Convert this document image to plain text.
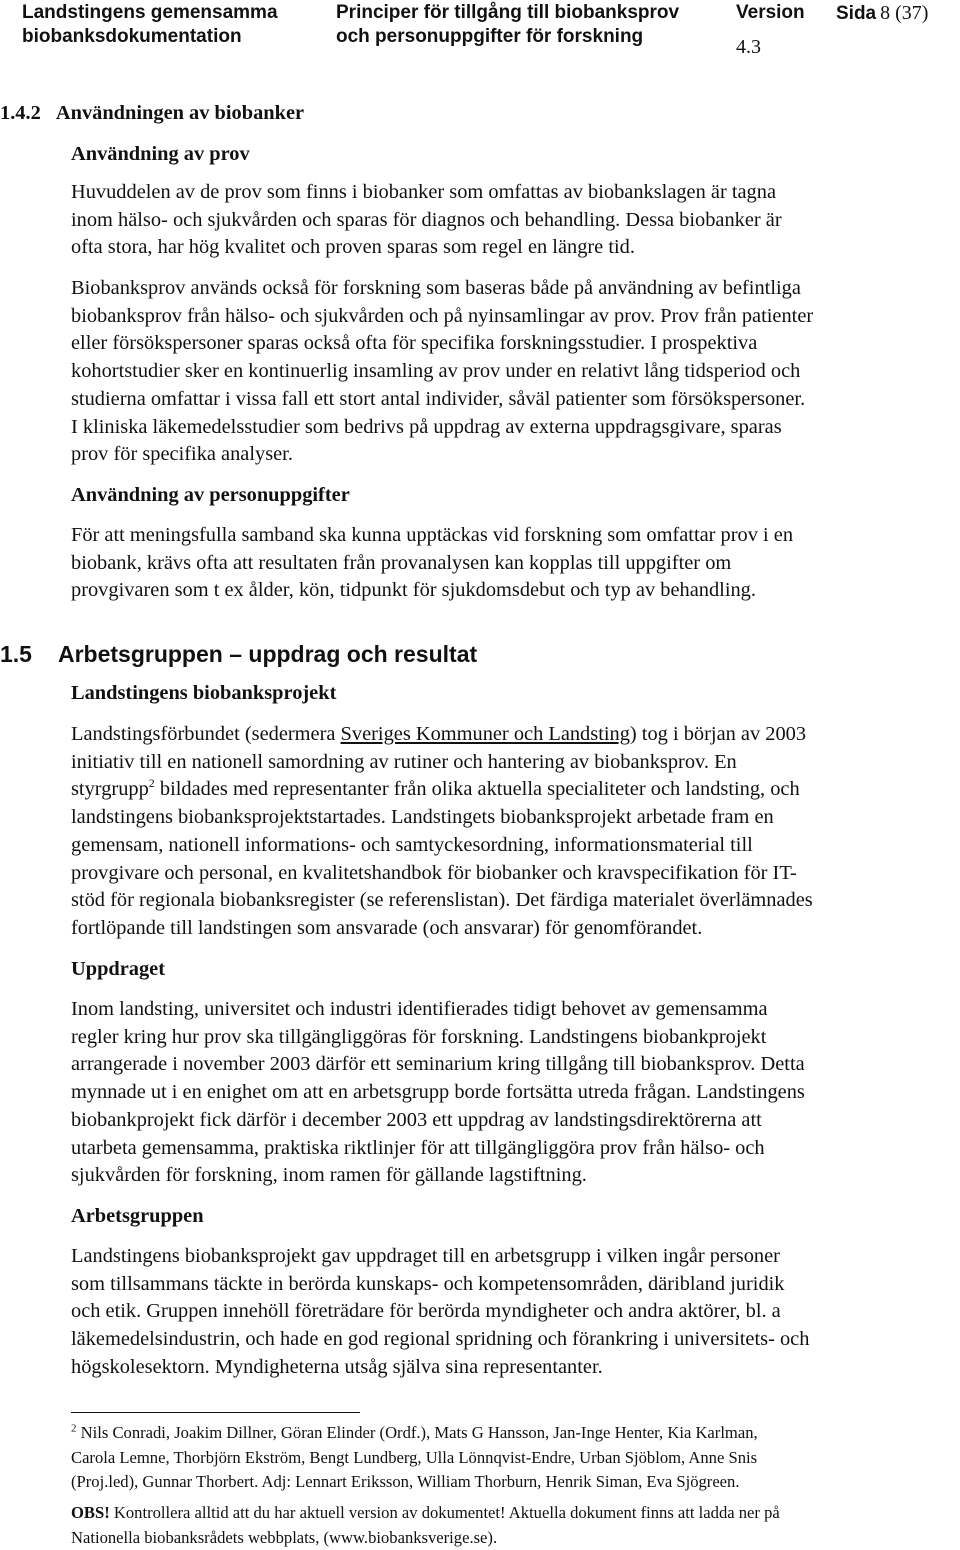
Landstingens gemensamma
biobanksdokumentation
Principer för tillgång till biobanksprov
och personuppgifter för forskning
Version
4.3
Sida 8 (37)
1.4.2 Användningen av biobanker
Användning av prov

Huvuddelen av de prov som finns i biobanker som omfattas av biobankslagen är tagna
inom hälso- och sjukvården och sparas för diagnos och behandling. Dessa biobanker är
ofta stora, har hög kvalitet och proven sparas som regel en längre tid.

Biobanksprov används också för forskning som baseras både på användning av befintliga
biobanksprov från hälso- och sjukvården och på nyinsamlingar av prov. Prov från patienter
eller försökspersoner sparas också ofta för specifika forskningsstudier. I prospektiva
kohortstudier sker en kontinuerlig insamling av prov under en relativt lång tidsperiod och
studierna omfattar i vissa fall ett stort antal individer, såväl patienter som försökspersoner.
I kliniska läkemedelsstudier som bedrivs på uppdrag av externa uppdragsgivare, sparas
prov för specifika analyser.

Användning av personuppgifter

För att meningsfulla samband ska kunna upptäckas vid forskning som omfattar prov i en
biobank, krävs ofta att resultaten från provanalysen kan kopplas till uppgifter om
provgivaren som t ex ålder, kön, tidpunkt för sjukdomsdebut och typ av behandling.

1.5 Arbetsgruppen – uppdrag och resultat
Landstingens biobanksprojekt

Landstingsförbundet (sedermera Sveriges Kommuner och Landsting) tog i början av 2003
initiativ till en nationell samordning av rutiner och hantering av biobanksprov. En
styrgrupp$^2$ bildades med representanter från olika aktuella specialiteter och landsting, och
landstingens biobanksprojektstartades. Landstingets biobanksprojekt arbetade fram en
gemensam, nationell informations- och samtyckesordning, informationsmaterial till
provgivare och personal, en kvalitetshandbok för biobanker och kravspecifikation för IT-
stöd för regionala biobanksregister (se referenslistan). Det färdiga materialet överlämnades
fortlöpande till landstingen som ansvarade (och ansvarar) för genomförandet.

Uppdraget

Inom landsting, universitet och industri identifierades tidigt behovet av gemensamma
regler kring hur prov ska tillgängliggöras för forskning. Landstingens biobankprojekt
arrangerade i november 2003 därför ett seminarium kring tillgång till biobanksprov. Detta
mynnade ut i en enighet om att en arbetsgrupp borde fortsätta utreda frågan. Landstingens
biobankprojekt fick därför i december 2003 ett uppdrag av landstingsdirektörerna att
utarbeta gemensamma, praktiska riktlinjer för att tillgängliggöra prov från hälso- och
sjukvården för forskning, inom ramen för gällande lagstiftning.

Arbetsgruppen

Landstingens biobanksprojekt gav uppdraget till en arbetsgrupp i vilken ingår personer
som tillsammans täckte in berörda kunskaps- och kompetensområden, däribland juridik
och etik. Gruppen innehöll företrädare för berörda myndigheter och andra aktörer, bl. a
läkemedelsindustrin, och hade en god regional spridning och förankring i universitets- och
högskolesektorn. Myndigheterna utsåg själva sina representanter.

$^2$ Nils Conradi, Joakim Dillner, Göran Elinder (Ordf.), Mats G Hansson, Jan-Inge Henter, Kia Karlman,
Carola Lemne, Thorbjörn Ekström, Bengt Lundberg, Ulla Lönnqvist-Endre, Urban Sjöblom, Anne Snis
(Proj.led), Gunnar Thorbert. Adj: Lennart Eriksson, William Thorburn, Henrik Siman, Eva Sjögreen.

OBS! Kontrollera alltid att du har aktuell version av dokumentet! Aktuella dokument finns att ladda ner på
Nationella biobanksrådets webbplats, (www.biobanksverige.se).
